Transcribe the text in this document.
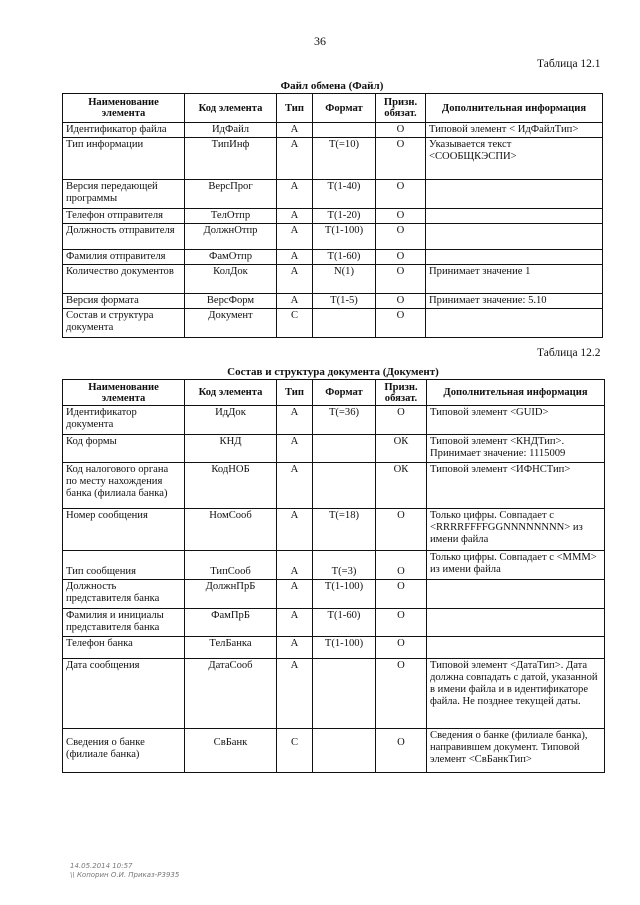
36
Таблица 12.1
Файл обмена (Файл)
Наименование элемента	Код элемента	Тип	Формат	Призн. обязат.	Дополнительная информация
Идентификатор файла	ИдФайл	А		О	Типовой элемент < ИдФайлТип>
Тип информации	ТипИнф	А	Т(=10)	О	Указывается текст <СООБЩКЭСПИ>
Версия передающей программы	ВерсПрог	А	Т(1-40)	О	
Телефон отправителя	ТелОтпр	А	Т(1-20)	О	
Должность отправителя	ДолжнОтпр	А	Т(1-100)	О	
Фамилия отправителя	ФамОтпр	А	Т(1-60)	О	
Количество документов	КолДок	А	N(1)	О	Принимает значение 1
Версия формата	ВерсФорм	А	Т(1-5)	О	Принимает значение: 5.10
Состав и структура документа	Документ	С		О	
Таблица 12.2
Состав и структура документа (Документ)
Наименование элемента	Код элемента	Тип	Формат	Призн. обязат.	Дополнительная информация
Идентификатор документа	ИдДок	А	Т(=36)	О	Типовой элемент <GUID>
Код формы	КНД	А		ОК	Типовой элемент <КНДТип>. Принимает значение: 1115009
Код налогового органа по месту нахождения банка (филиала банка)	КодНОБ	А		ОК	Типовой элемент <ИФНСТип>
Номер сообщения	НомСооб	А	Т(=18)	О	Только цифры. Совпадает с <RRRRFFFFGGNNNNNNNN> из имени файла
Тип сообщения	ТипСооб	А	Т(=3)	О	Только цифры. Совпадает с <МММ> из имени файла
Должность представителя банка	ДолжнПрБ	А	Т(1-100)	О	
Фамилия и инициалы представителя банка	ФамПрБ	А	Т(1-60)	О	
Телефон банка	ТелБанка	А	Т(1-100)	О	
Дата сообщения	ДатаСооб	А		О	Типовой элемент <ДатаТип>. Дата должна совпадать с датой, указанной в имени файла и в идентификаторе файла. Не позднее текущей даты.
Сведения о банке (филиале банка)	СвБанк	С		О	Сведения о банке (филиале банка), направившем документ. Типовой элемент <СвБанкТип>
14.05.2014 10:57
\\ Копорин О.И. Приказ-Р3935
